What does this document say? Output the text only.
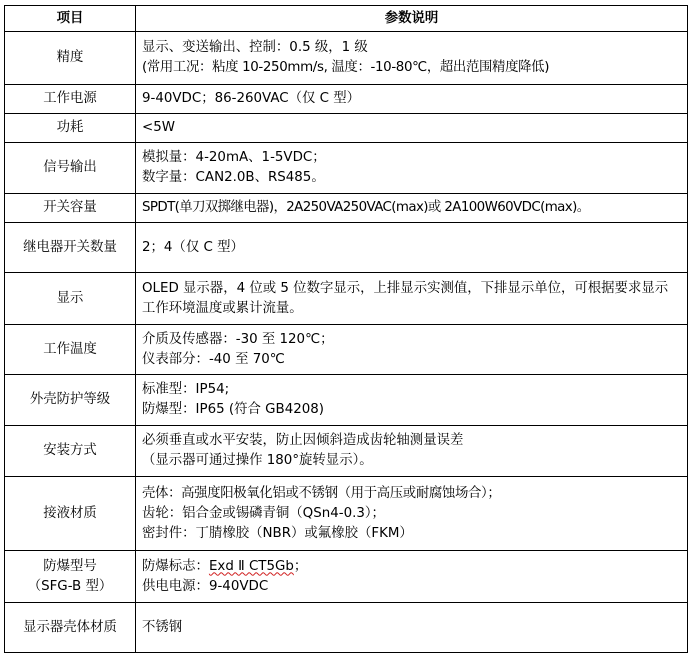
项目	参数说明
精度	显示、变送输出、控制：0.5 级，1 级
(常用工况：粘度 10-250mm/s, 温度：-10-80℃，超出范围精度降低)

工作电源	9-40VDC；86-260VAC（仅 C 型）

功耗	<5W

信号输出	模拟量：4-20mA、1-5VDC；
数字量：CAN2.0B、RS485。

开关容量	SPDT(单刀双掷继电器)，2A250VA250VAC(max)或 2A100W60VDC(max)。

继电器开关数量	2；4（仅 C 型）

显示	OLED 显示器，4 位或 5 位数字显示，上排显示实测值，下排显示单位，可根据要求显示工作环境温度或累计流量。

工作温度	介质及传感器：-30 至 120℃；
仪表部分：-40 至 70℃

外壳防护等级	标准型：IP54;
防爆型：IP65 (符合 GB4208)

安装方式	必须垂直或水平安装，防止因倾斜造成齿轮轴测量误差
（显示器可通过操作 180°旋转显示）。

接液材质	壳体：高强度阳极氧化铝或不锈钢（用于高压或耐腐蚀场合）；
齿轮：铝合金或锡磷青铜（QSn4-0.3）；
密封件：丁腈橡胶（NBR）或氟橡胶（FKM）

防爆型号
（SFG-B 型）	防爆标志：Exd Ⅱ CT5Gb；
供电电源：9-40VDC

显示器壳体材质	不锈钢
